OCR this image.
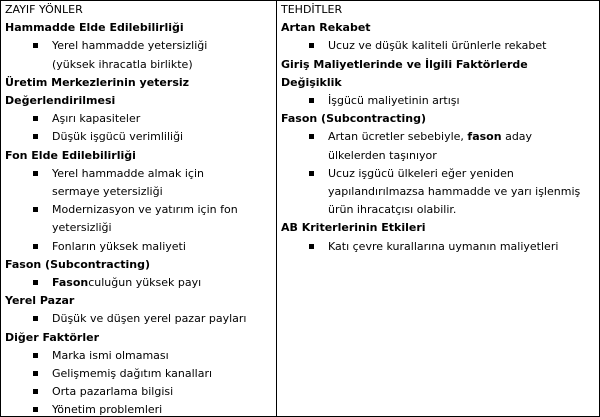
ZAYIF YÖNLER
Hammadde Elde Edilebilirliği
Yerel hammadde yetersizliği
(yüksek ihracatla birlikte)
Üretim Merkezlerinin yetersiz
Değerlendirilmesi
Aşırı kapasiteler
Düşük işgücü verimliliği
Fon Elde Edilebilirliği
Yerel hammadde almak için
sermaye yetersizliği
Modernizasyon ve yatırım için fon
yetersizliği
Fonların yüksek maliyeti
Fason (Subcontracting)
Fasonculuğun yüksek payı
Yerel Pazar
Düşük ve düşen yerel pazar payları
Diğer Faktörler
Marka ismi olmaması
Gelişmemiş dağıtım kanalları
Orta pazarlama bilgisi
Yönetim problemleri
TEHDİTLER
Artan Rekabet
Ucuz ve düşük kaliteli ürünlerle rekabet
Giriş Maliyetlerinde ve İlgili Faktörlerde
Değişiklik
İşgücü maliyetinin artışı
Fason (Subcontracting)
Artan ücretler sebebiyle, fason aday
ülkelerden taşınıyor
Ucuz işgücü ülkeleri eğer yeniden
yapılandırılmazsa hammadde ve yarı işlenmiş
ürün ihracatçısı olabilir.
AB Kriterlerinin Etkileri
Katı çevre kurallarına uymanın maliyetleri
